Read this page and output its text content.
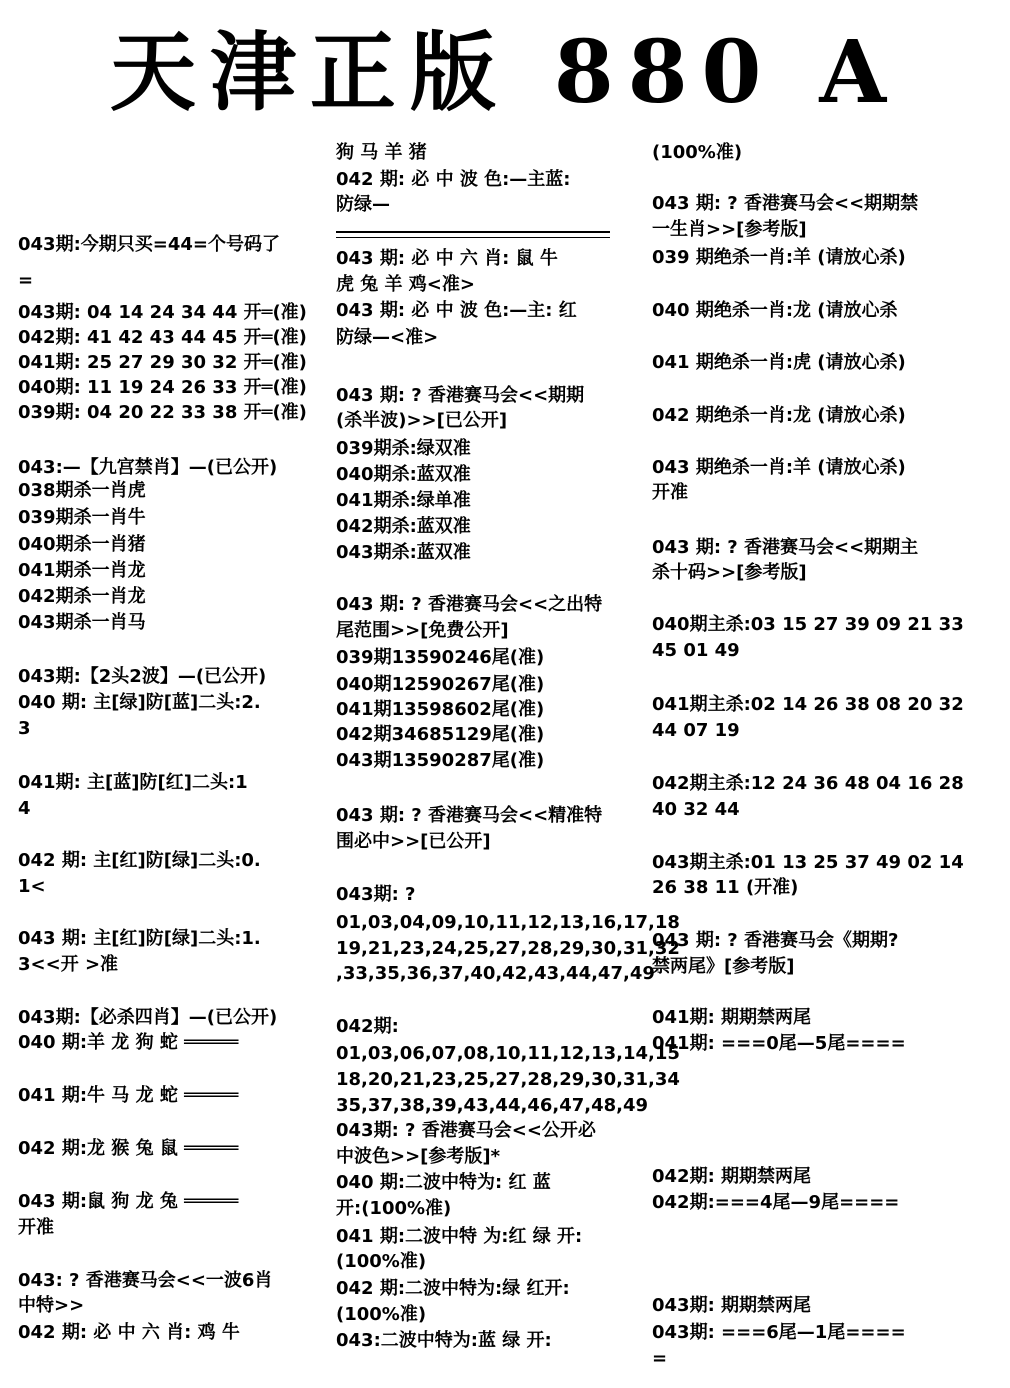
天津正版 880 A
043期:今期只买=44=个号码了
=
043期: 04 14 24 34 44 开═(准)
042期: 41 42 43 44 45 开═(准)
041期: 25 27 29 30 32 开═(准)
040期: 11 19 24 26 33 开═(准)
039期: 04 20 22 33 38 开═(准)
043:—【九宫禁肖】—(已公开)
038期杀一肖虎
039期杀一肖牛
040期杀一肖猪
041期杀一肖龙
042期杀一肖龙
043期杀一肖马
043期:【2头2波】—(已公开)
040 期: 主[绿]防[蓝]二头:2.
3
041期: 主[蓝]防[红]二头:1
4
042 期: 主[红]防[绿]二头:0.
1<
043 期: 主[红]防[绿]二头:1.
3<<开 >准
043期:【必杀四肖】—(已公开)
040 期:羊 龙 狗 蛇 ═════
041 期:牛 马 龙 蛇 ═════
042 期:龙 猴 兔 鼠 ═════
043 期:鼠 狗 龙 兔 ═════
开准
043: ? 香港赛马会<<一波6肖
中特>>
042 期: 必 中 六 肖: 鸡 牛
狗 马 羊 猪
042 期: 必 中 波 色:—主蓝:
防绿—
043 期: 必 中 六 肖: 鼠 牛
虎 兔 羊 鸡<准>
043 期: 必 中 波 色:—主: 红
防绿—<准>
043 期: ? 香港赛马会<<期期
(杀半波)>>[已公开]
039期杀:绿双准
040期杀:蓝双准
041期杀:绿单准
042期杀:蓝双准
043期杀:蓝双准
043 期: ? 香港赛马会<<之出特
尾范围>>[免费公开]
039期13590246尾(准)
040期12590267尾(准)
041期13598602尾(准)
042期34685129尾(准)
043期13590287尾(准)
043 期: ? 香港赛马会<<精准特
围必中>>[已公开]
043期: ?
01,03,04,09,10,11,12,13,16,17,18
19,21,23,24,25,27,28,29,30,31,32
,33,35,36,37,40,42,43,44,47,49
042期:
01,03,06,07,08,10,11,12,13,14,15
18,20,21,23,25,27,28,29,30,31,34
35,37,38,39,43,44,46,47,48,49
043期: ? 香港赛马会<<公开必
中波色>>[参考版]*
040 期:二波中特为: 红 蓝
开:(100%准)
041 期:二波中特 为:红 绿 开:
(100%准)
042 期:二波中特为:绿 红开:
(100%准)
043:二波中特为:蓝 绿 开:
(100%准)
043 期: ? 香港赛马会<<期期禁
一生肖>>[参考版]
039 期绝杀一肖:羊 (请放心杀)
040 期绝杀一肖:龙 (请放心杀
041 期绝杀一肖:虎 (请放心杀)
042 期绝杀一肖:龙 (请放心杀)
043 期绝杀一肖:羊 (请放心杀)
开准
043 期: ? 香港赛马会<<期期主
杀十码>>[参考版]
040期主杀:03 15 27 39 09 21 33
45 01 49
041期主杀:02 14 26 38 08 20 32
44 07 19
042期主杀:12 24 36 48 04 16 28
40 32 44
043期主杀:01 13 25 37 49 02 14
26 38 11 (开准)
043 期: ? 香港赛马会《期期?
禁两尾》[参考版]
041期: 期期禁两尾
041期: ===0尾—5尾====
042期: 期期禁两尾
042期:===4尾—9尾====
043期: 期期禁两尾
043期: ===6尾—1尾====
=
